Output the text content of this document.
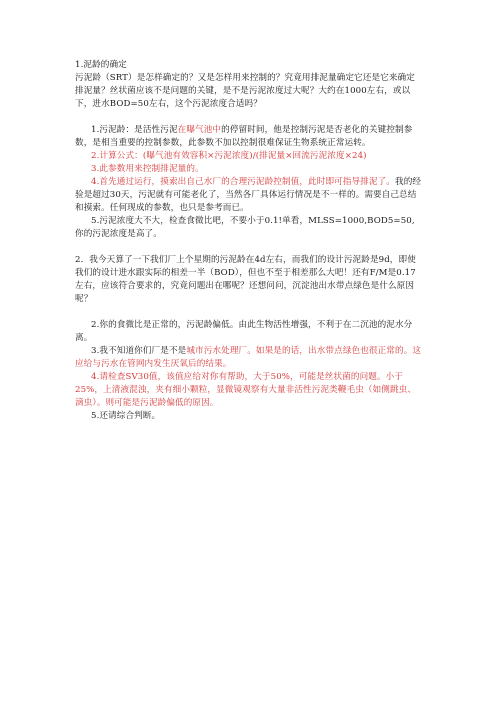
1.泥龄的确定

污泥龄（SRT）是怎样确定的？又是怎样用来控制的？究竟用排泥量确定它还是它来确定排泥量？丝状菌应该不是问题的关键，是不是污泥浓度过大呢？大约在1000左右，或以下，进水BOD=50左右，这个污泥浓度合适吗？

1.污泥龄：是活性污泥在曝气池中的停留时间，他是控制污泥是否老化的关键控制参数，是相当重要的控制参数，此参数不加以控制很难保证生物系统正常运转。

2.计算公式：(曝气池有效容积×污泥浓度)/(排泥量×回流污泥浓度×24)

3.此参数用来控制排泥量的。

4.首先通过运行，摸索出自己水厂的合理污泥龄控制值，此时即可指导排泥了。我的经验是超过30天，污泥就有可能老化了，当然各厂具体运行情况是不一样的。需要自己总结和摸索。任何现成的参数，也只是参考而已。

5.污泥浓度大不大，检查食微比吧，不要小于0.1!单看，MLSS=1000,BOD5=50,你的污泥浓度是高了。

2．我今天算了一下我们厂上个星期的污泥龄在4d左右，而我们的设计污泥龄是9d，即使我们的设计进水跟实际的相差一半（BOD），但也不至于相差那么大吧！还有F/M是0.17左右，应该符合要求的，究竟问题出在哪呢？还想问问，沉淀池出水带点绿色是什么原因呢？

2.你的食微比是正常的，污泥龄偏低。由此生物活性增强，不利于在二沉池的泥水分离。

3.我不知道你们厂是不是城市污水处理厂。如果是的话，出水带点绿色也很正常的。这应给与污水在管网内发生厌氧后的结果。

4.请检查SV30值，该值应给对你有帮助，大于50%，可能是丝状菌的问题。小于25%，上清液混浊，夹有细小颗粒，显微镜观察有大量非活性污泥类鞭毛虫（如侧跳虫、滴虫）。则可能是污泥龄偏低的原因。

5.还请综合判断。
